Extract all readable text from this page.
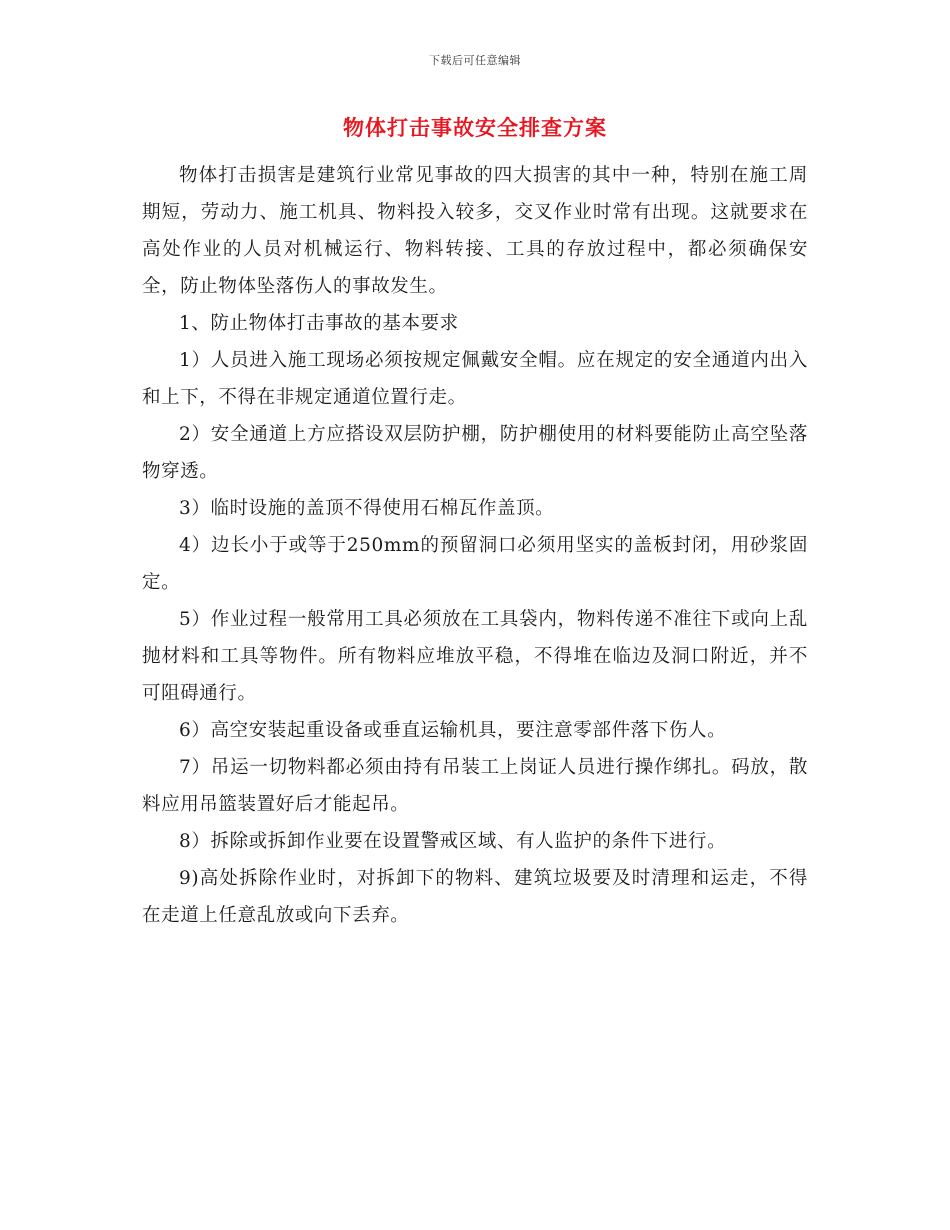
下载后可任意编辑
物体打击事故安全排查方案

物体打击损害是建筑行业常见事故的四大损害的其中一种，特别在施工周期短，劳动力、施工机具、物料投入较多，交叉作业时常有出现。这就要求在高处作业的人员对机械运行、物料转接、工具的存放过程中，都必须确保安全，防止物体坠落伤人的事故发生。

1、防止物体打击事故的基本要求

1）人员进入施工现场必须按规定佩戴安全帽。应在规定的安全通道内出入和上下，不得在非规定通道位置行走。

2）安全通道上方应搭设双层防护棚，防护棚使用的材料要能防止高空坠落物穿透。

3）临时设施的盖顶不得使用石棉瓦作盖顶。

4）边长小于或等于250mm的预留洞口必须用坚实的盖板封闭，用砂浆固定。

5）作业过程一般常用工具必须放在工具袋内，物料传递不准往下或向上乱抛材料和工具等物件。所有物料应堆放平稳，不得堆在临边及洞口附近，并不可阻碍通行。

6）高空安装起重设备或垂直运输机具，要注意零部件落下伤人。

7）吊运一切物料都必须由持有吊装工上岗证人员进行操作绑扎。码放，散料应用吊篮装置好后才能起吊。

8）拆除或拆卸作业要在设置警戒区域、有人监护的条件下进行。

9)高处拆除作业时，对拆卸下的物料、建筑垃圾要及时清理和运走，不得在走道上任意乱放或向下丢弃。
